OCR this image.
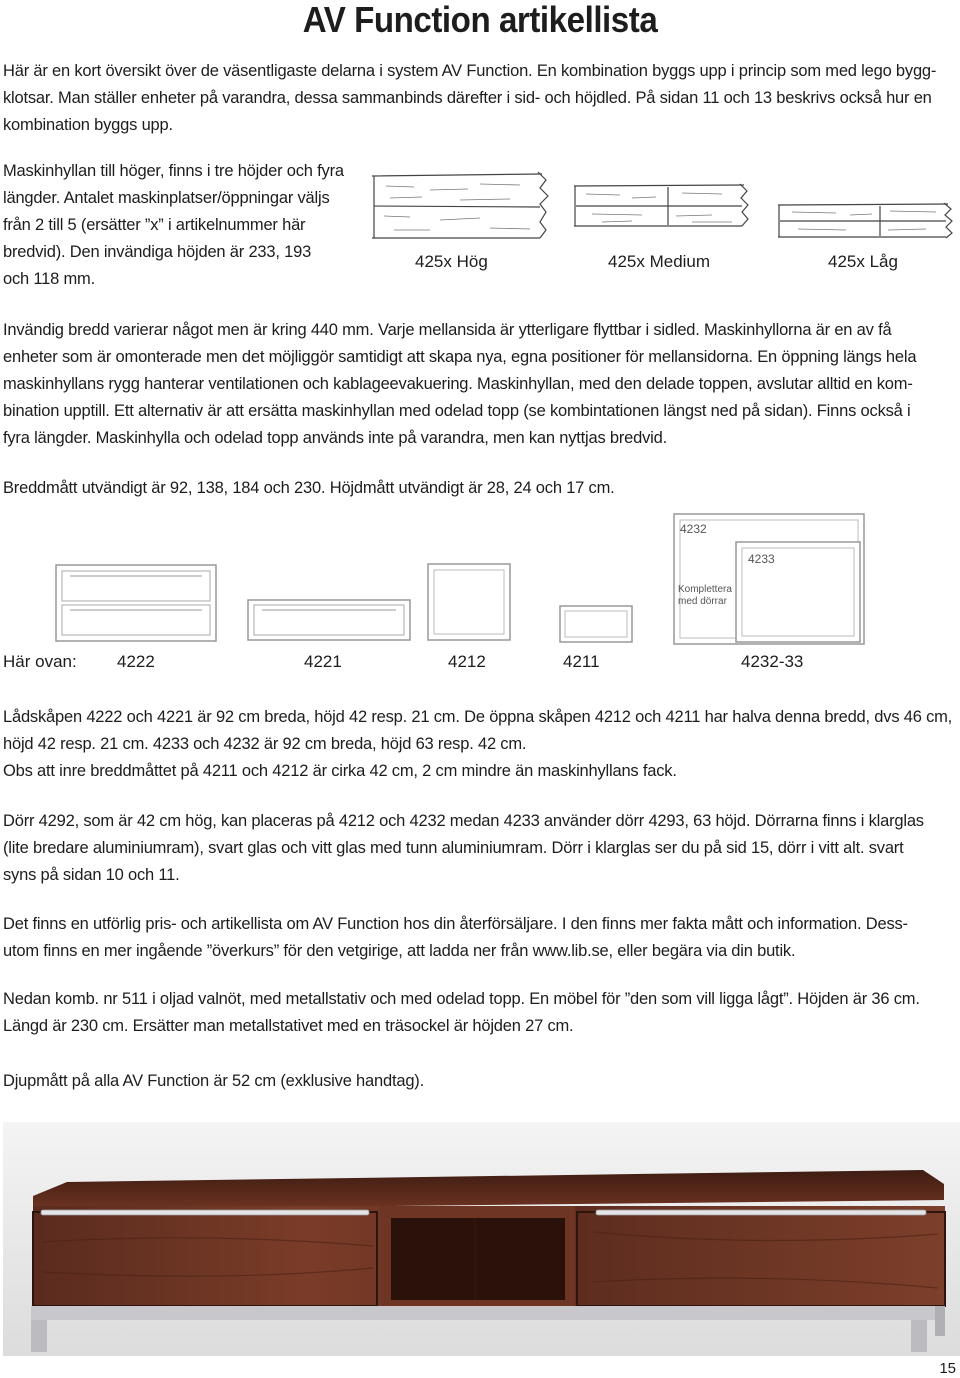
AV Function artikellista
Här är en kort översikt över de väsentligaste delarna i system AV Function. En kombination byggs upp i princip som med lego bygg-
klotsar. Man ställer enheter på varandra, dessa sammanbinds därefter i sid- och höjdled. På sidan 11 och 13 beskrivs också hur en
kombination byggs upp.
Maskinhyllan till höger, finns i tre höjder och fyra
längder. Antalet maskinplatser/öppningar väljs
från 2 till 5 (ersätter ”x” i artikelnummer här
bredvid). Den invändiga höjden är 233, 193
och 118 mm.
425x Hög	425x Medium	425x Låg
Invändig bredd varierar något men är kring 440 mm. Varje mellansida är ytterligare flyttbar i sidled. Maskinhyllorna är en av få
enheter som är omonterade men det möjliggör samtidigt att skapa nya, egna positioner för mellansidorna. En öppning längs hela
maskinhyllans rygg hanterar ventilationen och kablageevakuering. Maskinhyllan, med den delade toppen, avslutar alltid en kom-
bination upptill. Ett alternativ är att ersätta maskinhyllan med odelad topp (se kombintationen längst ned på sidan). Finns också i
fyra längder. Maskinhylla och odelad topp används inte på varandra, men kan nyttjas bredvid.
Breddmått utvändigt är 92, 138, 184 och 230. Höjdmått utvändigt är 28, 24 och 17 cm.
4232
4233
Komplettera
med dörrar
Här ovan: 4222	4221	4212	4211	4232-33
Lådskåpen 4222 och 4221 är 92 cm breda, höjd 42 resp. 21 cm. De öppna skåpen 4212 och 4211 har halva denna bredd, dvs 46 cm,
höjd 42 resp. 21 cm. 4233 och 4232 är 92 cm breda, höjd 63 resp. 42 cm.
Obs att inre breddmåttet på 4211 och 4212 är cirka 42 cm, 2 cm mindre än maskinhyllans fack.
Dörr 4292, som är 42 cm hög, kan placeras på 4212 och 4232 medan 4233 använder dörr 4293, 63 höjd. Dörrarna finns i klarglas
(lite bredare aluminiumram), svart glas och vitt glas med tunn aluminiumram. Dörr i klarglas ser du på sid 15, dörr i vitt alt. svart
syns på sidan 10 och 11.
Det finns en utförlig pris- och artikellista om AV Function hos din återförsäljare. I den finns mer fakta mått och information. Dess-
utom finns en mer ingående ”överkurs” för den vetgirige, att ladda ner från www.lib.se, eller begära via din butik.
Nedan komb. nr 511 i oljad valnöt, med metallstativ och med odelad topp. En möbel för ”den som vill ligga lågt”. Höjden är 36 cm.
Längd är 230 cm. Ersätter man metallstativet med en träsockel är höjden 27 cm.
Djupmått på alla AV Function är 52 cm (exklusive handtag).
15
